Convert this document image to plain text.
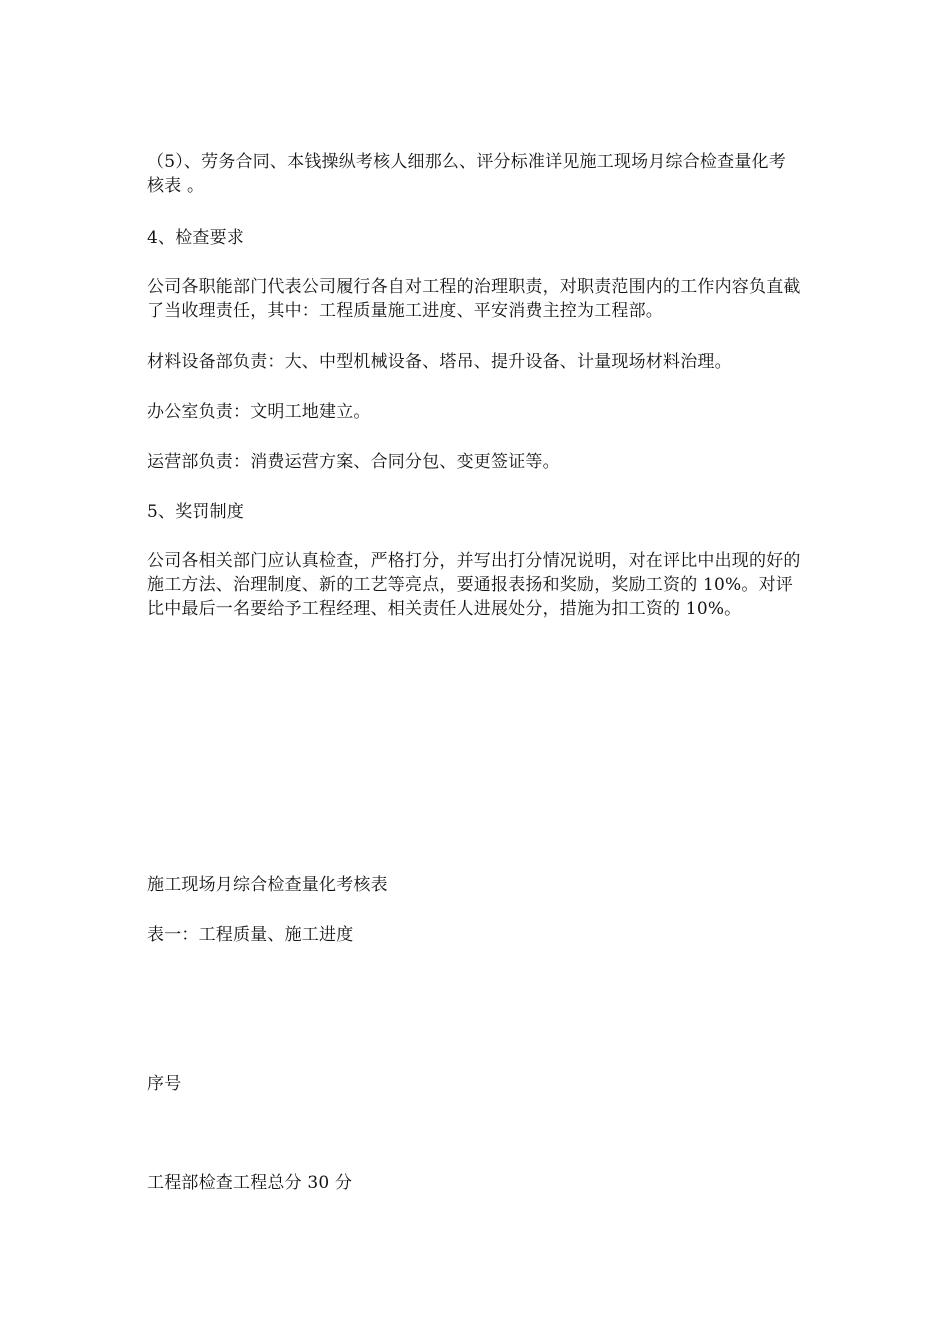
（5）、劳务合同、本钱操纵考核人细那么、评分标准详见施工现场月综合检查量化考核表 。

4、检查要求

公司各职能部门代表公司履行各自对工程的治理职责，对职责范围内的工作内容负直截了当收理责任，其中：工程质量施工进度、平安消费主控为工程部。

材料设备部负责：大、中型机械设备、塔吊、提升设备、计量现场材料治理。

办公室负责：文明工地建立。

运营部负责：消费运营方案、合同分包、变更签证等。

5、奖罚制度

公司各相关部门应认真检查，严格打分，并写出打分情况说明，对在评比中出现的好的施工方法、治理制度、新的工艺等亮点，要通报表扬和奖励，奖励工资的 10%。对评比中最后一名要给予工程经理、相关责任人进展处分，措施为扣工资的 10%。

施工现场月综合检查量化考核表

表一：工程质量、施工进度

序号

工程部检查工程总分 30 分
